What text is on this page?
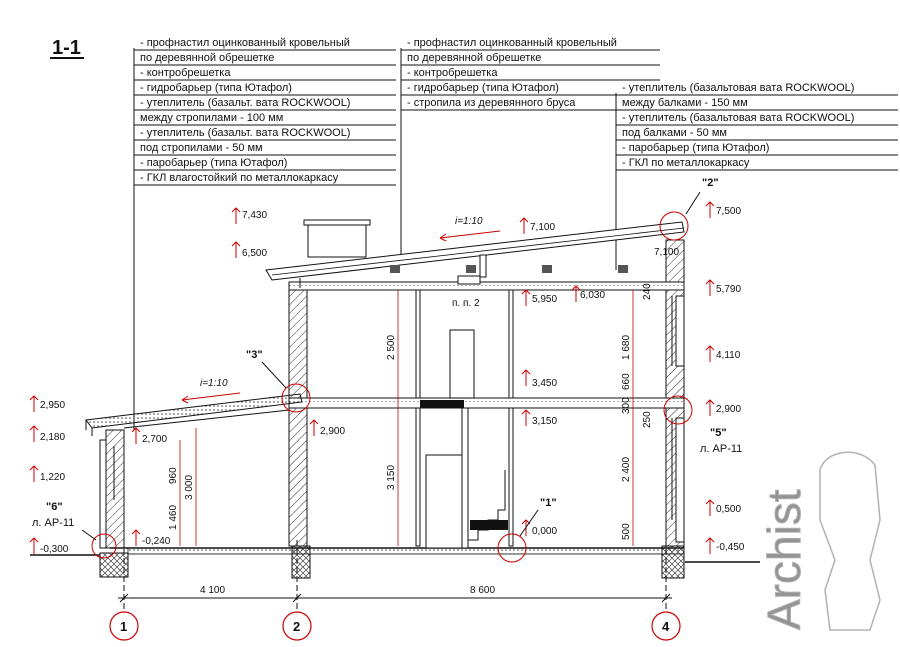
1-1	- профнастил оцинкованный кровельный
по деревянной обрешетке
- контробрешетка
- гидробарьер (типа Ютафол)
- утеплитель (базальт. вата ROCKWOOL)
между стропилами - 100 мм
- утеплитель (базальт. вата ROCKWOOL)
под стропилами - 50 мм
- паробарьер (типа Ютафол)
- ГКЛ влагостойкий по металлокаркасу
- профнастил оцинкованный кровельный
по деревянной обрешетке
- контробрешетка
- гидробарьер (типа Ютафол)
- стропила из деревянного бруса
- утеплитель (базальтовая вата ROCKWOOL)
между балками - 150 мм
- утеплитель (базальтовая вата ROCKWOOL)
под балками - 50 мм
- паробарьер (типа Ютафол)
- ГКЛ по металлокаркасу
4 100	8 600
1	2	4
2 500
3 150
1 680
660
240
300
250
2 400
500
960 3 000
1 460
7,430
6,500
7,100
7,500
7,100
5,790
4,110
2,900
0,500
-0,450
5,950 6,030
3,450
3,150
0,000
2,950
2,180
1,220
-0,300
2,700
2,900
-0,240
i=1:10
i=1:10
"2"
"3"
"5"
л. АР-11
"6"
л. АР-11
"1"
п. п. 2
Archist
